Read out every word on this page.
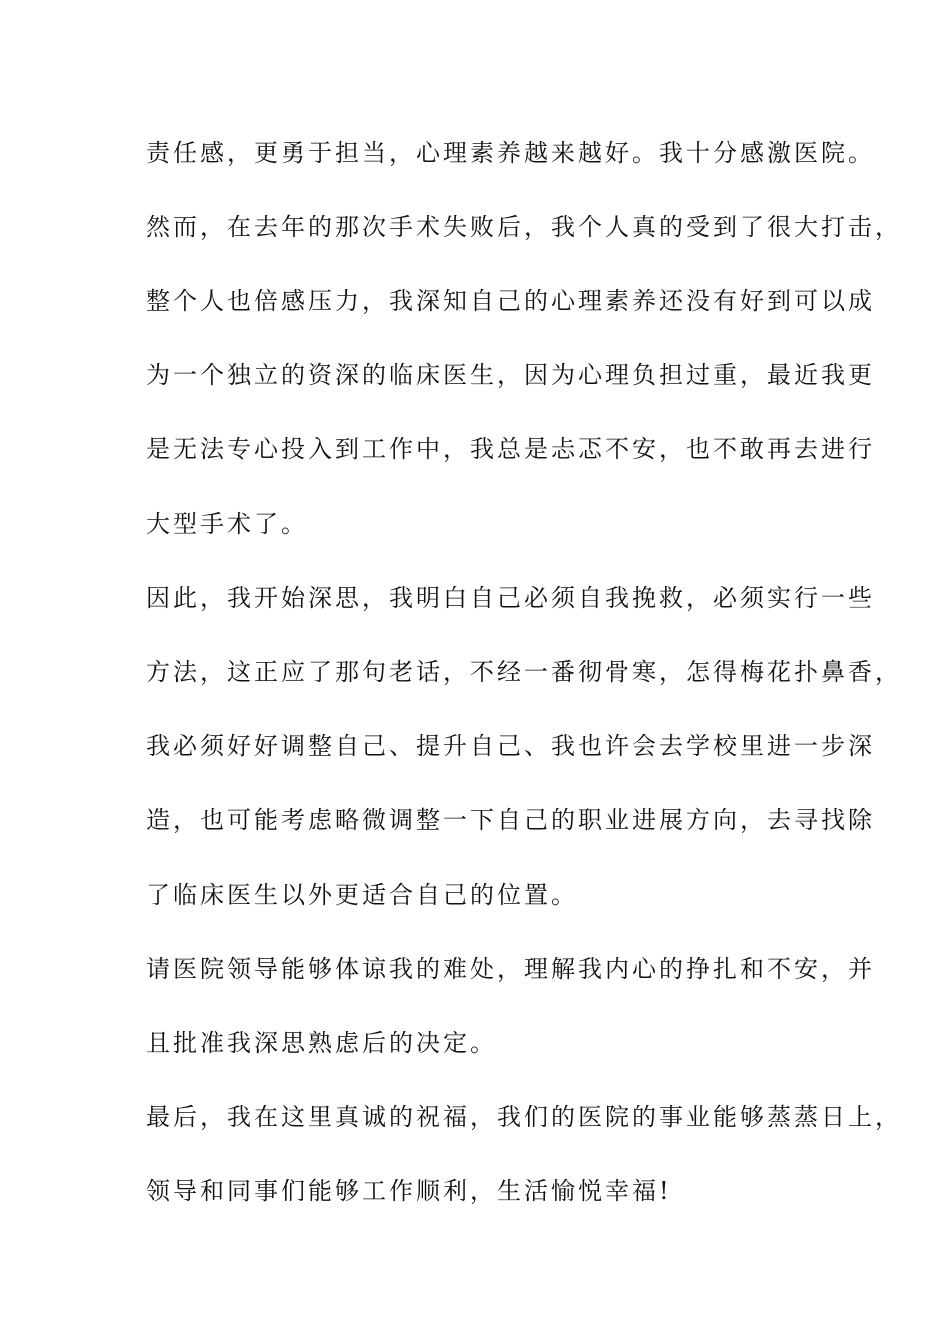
责任感，更勇于担当，心理素养越来越好。我十分感激医院。
然而，在去年的那次手术失败后，我个人真的受到了很大打击，
整个人也倍感压力，我深知自己的心理素养还没有好到可以成
为一个独立的资深的临床医生，因为心理负担过重，最近我更
是无法专心投入到工作中，我总是忐忑不安，也不敢再去进行
大型手术了。
因此，我开始深思，我明白自己必须自我挽救，必须实行一些
方法，这正应了那句老话，不经一番彻骨寒，怎得梅花扑鼻香，
我必须好好调整自己、提升自己、我也许会去学校里进一步深
造，也可能考虑略微调整一下自己的职业进展方向，去寻找除
了临床医生以外更适合自己的位置。
请医院领导能够体谅我的难处，理解我内心的挣扎和不安，并
且批准我深思熟虑后的决定。
最后，我在这里真诚的祝福，我们的医院的事业能够蒸蒸日上，
领导和同事们能够工作顺利，生活愉悦幸福!
